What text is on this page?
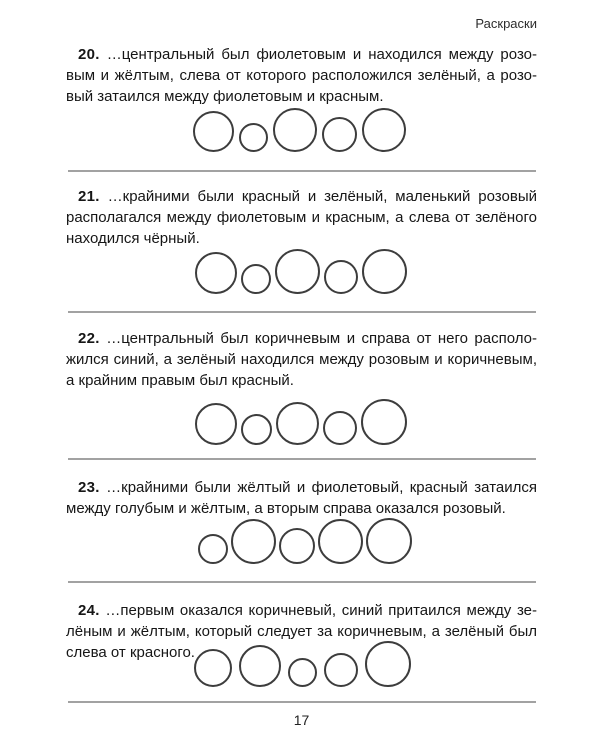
Раскраски
20. …центральный был фиолетовым и находился между розо-
вым и жёлтым, слева от которого расположился зелёный, а розо-
вый затаился между фиолетовым и красным.
21. …крайними были красный и зелёный, маленький розовый
располагался между фиолетовым и красным, а слева от зелёного
находился чёрный.
22. …центральный был коричневым и справа от него располо-
жился синий, а зелёный находился между розовым и коричневым,
а крайним правым был красный.
23. …крайними были жёлтый и фиолетовый, красный затаился
между голубым и жёлтым, а вторым справа оказался розовый.
24. …первым оказался коричневый, синий притаился между зе-
лёным и жёлтым, который следует за коричневым, а зелёный был
слева от красного.
17
